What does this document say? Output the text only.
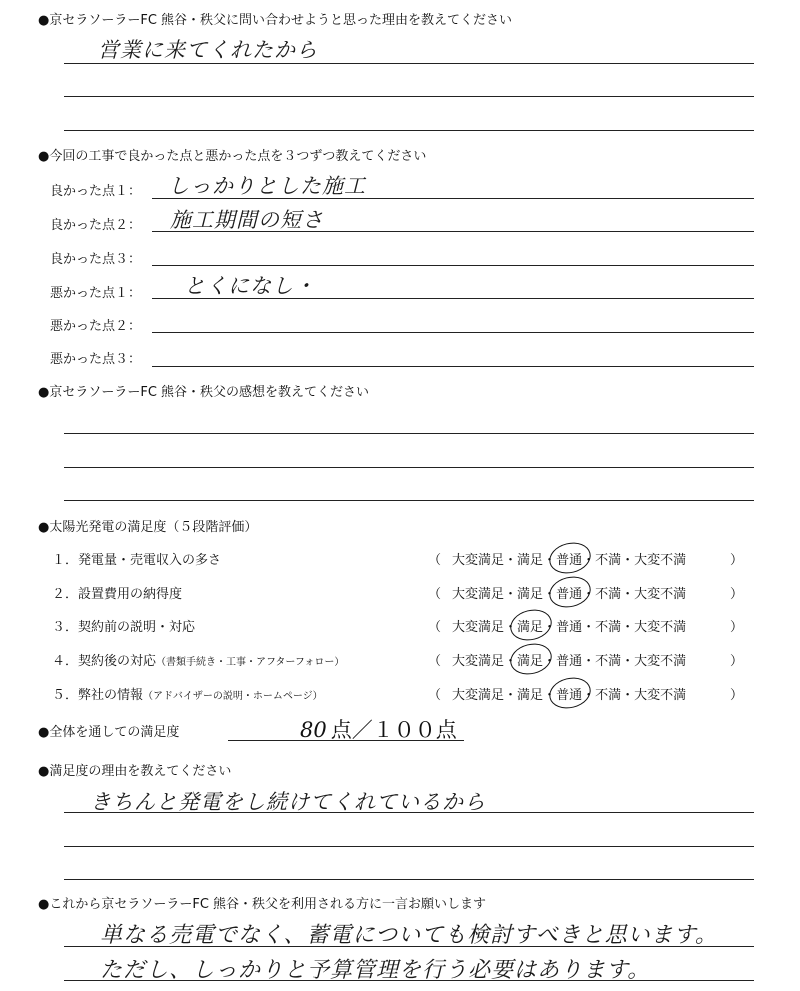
●京セラソーラーFC 熊谷・秩父に問い合わせようと思った理由を教えてください
営業に来てくれたから
●今回の工事で良かった点と悪かった点を３つずつ教えてください
良かった点１： しっかりとした施工
良かった点２： 施工期間の短さ
良かった点３：
悪かった点１： とくになし・
悪かった点２：
悪かった点３：
●京セラソーラーFC 熊谷・秩父の感想を教えてください
●太陽光発電の満足度（５段階評価）
１．発電量・売電収入の多さ	（ 大変満足・満足・普通・不満・大変不満	）
２．設置費用の納得度	（ 大変満足・満足・普通・不満・大変不満	）
３．契約前の説明・対応	（ 大変満足・満足・普通・不満・大変不満	）
４．契約後の対応（書類手続き・工事・アフターフォロー）	（ 大変満足・満足・普通・不満・大変不満	）
５．弊社の情報（アドバイザーの説明・ホームページ）	（ 大変満足・満足・普通・不満・大変不満	）
●全体を通しての満足度	80 点／１００点
●満足度の理由を教えてください
きちんと発電をし続けてくれているから
●これから京セラソーラーFC 熊谷・秩父を利用される方に一言お願いします
単なる売電でなく、蓄電についても検討すべきと思います。
ただし、しっかりと予算管理を行う必要はあります。
